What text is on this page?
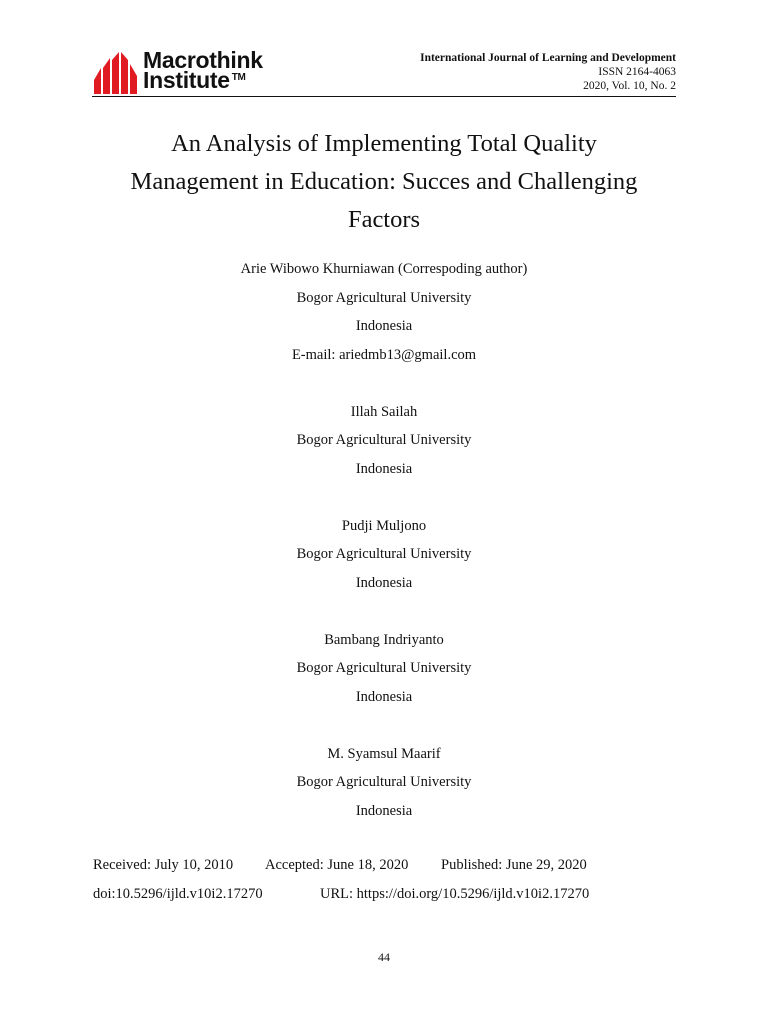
Macrothink
Institute ™
International Journal of Learning and Development
ISSN 2164-4063
2020, Vol. 10, No. 2
An Analysis of Implementing Total Quality
Management in Education: Succes and Challenging
Factors
Arie Wibowo Khurniawan (Correspoding author)
Bogor Agricultural University
Indonesia
E-mail: ariedmb13@gmail.com
Illah Sailah
Bogor Agricultural University
Indonesia
Pudji Muljono
Bogor Agricultural University
Indonesia
Bambang Indriyanto
Bogor Agricultural University
Indonesia
M. Syamsul Maarif
Bogor Agricultural University
Indonesia
Received: July 10, 2010 Accepted: June 18, 2020 Published: June 29, 2020
doi:10.5296/ijld.v10i2.17270	URL: https://doi.org/10.5296/ijld.v10i2.17270
44
